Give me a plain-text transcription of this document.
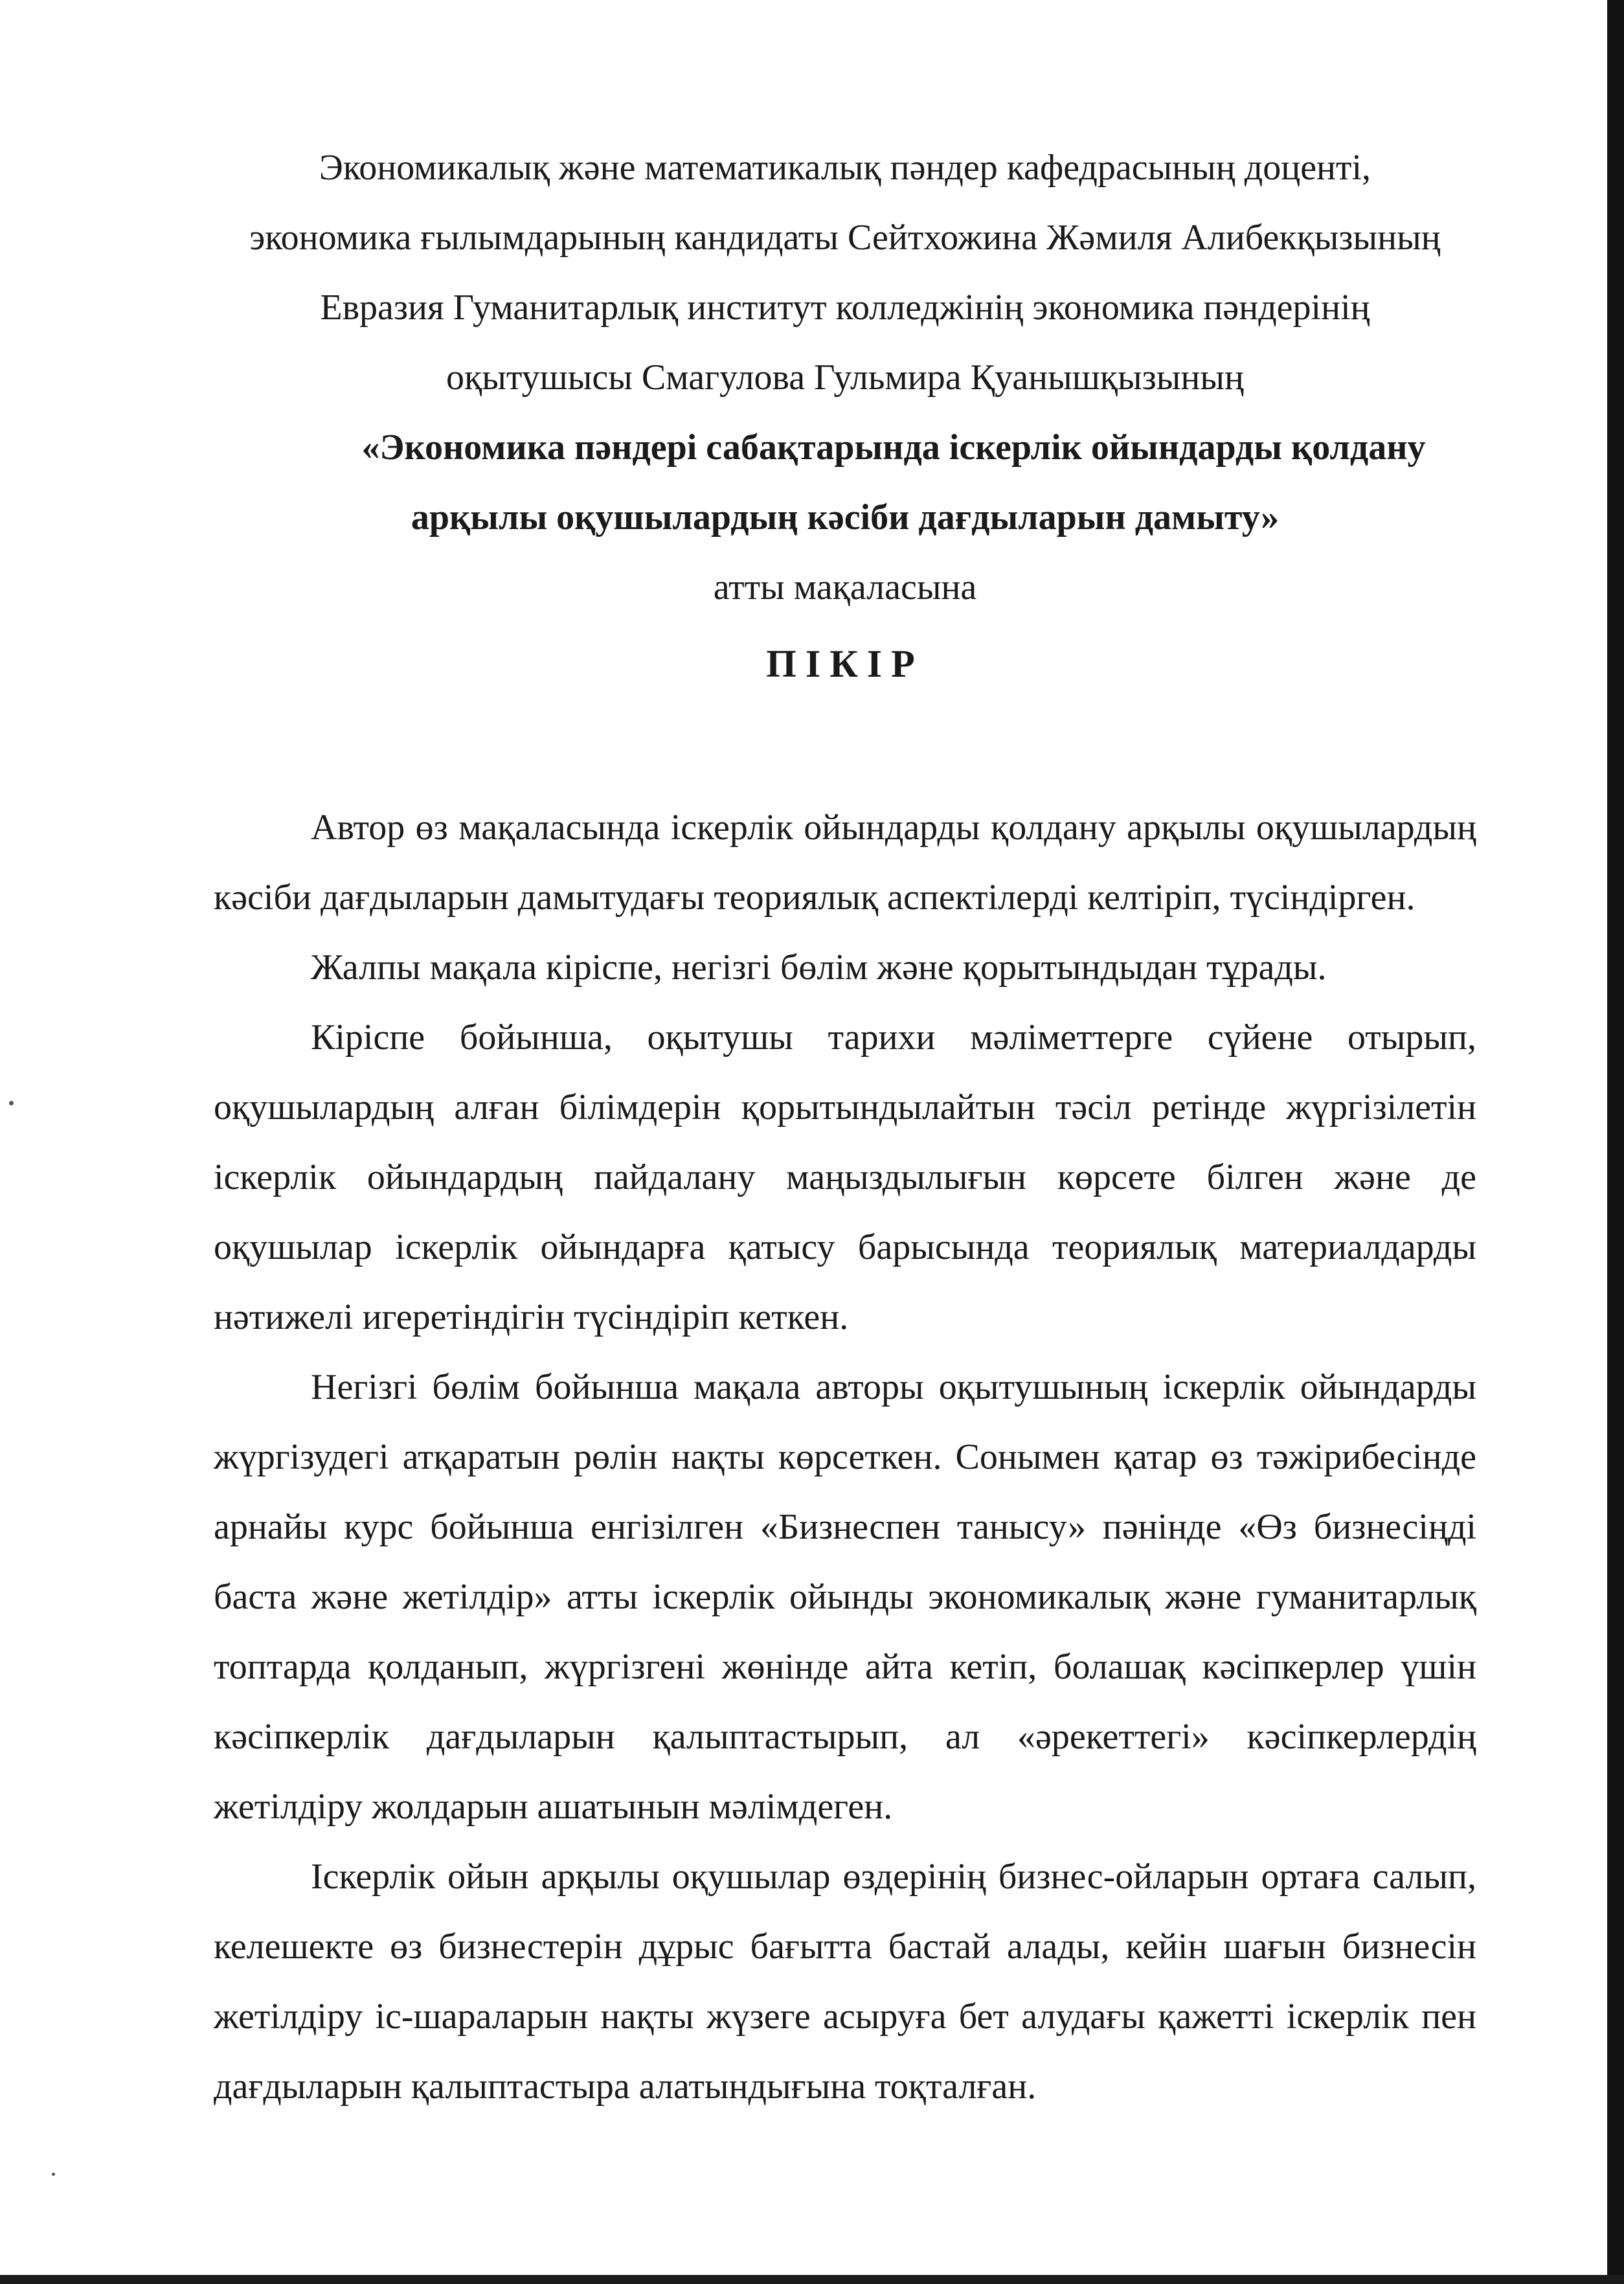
Экономикалық және математикалық пәндер кафедрасының доценті,

экономика ғылымдарының кандидаты Сейтхожина Жәмиля Алибекқызының

Евразия Гуманитарлық институт колледжінің экономика пәндерінің

оқытушысы Смагулова Гульмира Қуанышқызының

«Экономика пәндері сабақтарында іскерлік ойындарды қолдану

арқылы оқушылардың кәсіби дағдыларын дамыту»

атты мақаласына

ПІКІР

Автор өз мақаласында іскерлік ойындарды қолдану арқылы оқушылардың кәсіби дағдыларын дамытудағы теориялық аспектілерді келтіріп, түсіндірген.

Жалпы мақала кіріспе, негізгі бөлім және қорытындыдан тұрады.

Кіріспе бойынша, оқытушы тарихи мәліметтерге сүйене отырып, оқушылардың алған білімдерін қорытындылайтын тәсіл ретінде жүргізілетін іскерлік ойындардың пайдалану маңыздылығын көрсете білген және де оқушылар іскерлік ойындарға қатысу барысында теориялық материалдарды нәтижелі игеретіндігін түсіндіріп кеткен.

Негізгі бөлім бойынша мақала авторы оқытушының іскерлік ойындарды жүргізудегі атқаратын рөлін нақты көрсеткен. Сонымен қатар өз тәжірибесінде арнайы курс бойынша енгізілген «Бизнеспен танысу» пәнінде «Өз бизнесіңді баста және жетілдір» атты іскерлік ойынды экономикалық және гуманитарлық топтарда қолданып, жүргізгені жөнінде айта кетіп, болашақ кәсіпкерлер үшін кәсіпкерлік дағдыларын қалыптастырып, ал «әрекеттегі» кәсіпкерлердің жетілдіру жолдарын ашатынын мәлімдеген.

Іскерлік ойын арқылы оқушылар өздерінің бизнес-ойларын ортаға салып, келешекте өз бизнестерін дұрыс бағытта бастай алады, кейін шағын бизнесін жетілдіру іс-шараларын нақты жүзеге асыруға бет алудағы қажетті іскерлік пен дағдыларын қалыптастыра алатындығына тоқталған.
